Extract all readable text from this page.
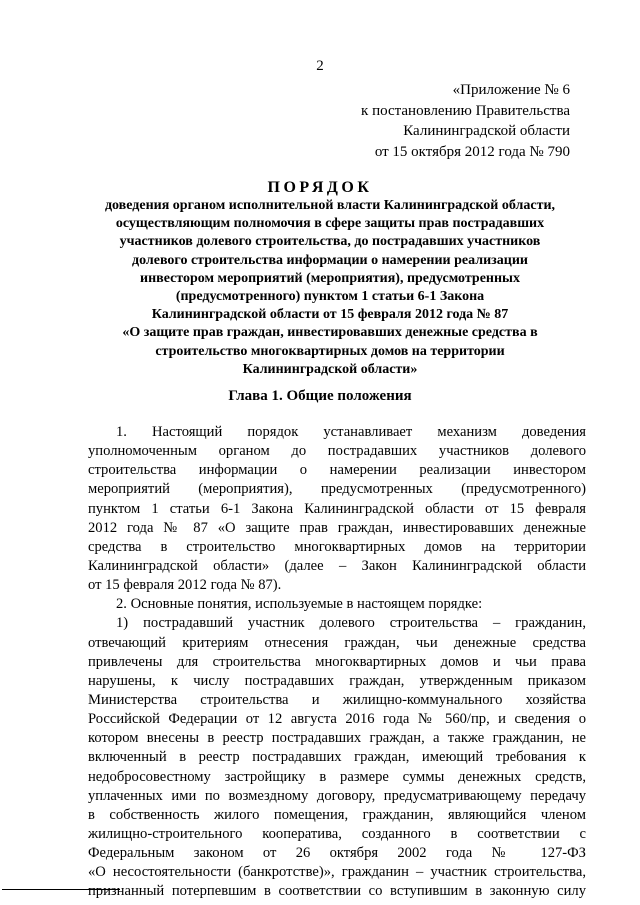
2
«Приложение № 6
к постановлению Правительства
Калининградской области
от 15 октября 2012 года № 790
ПОРЯДОК
доведения органом исполнительной власти Калининградской области,
осуществляющим полномочия в сфере защиты прав пострадавших
участников долевого строительства, до пострадавших участников
долевого строительства информации о намерении реализации
инвестором мероприятий (мероприятия), предусмотренных
(предусмотренного) пунктом 1 статьи 6-1 Закона
Калининградской области от 15 февраля 2012 года № 87
«О защите прав граждан, инвестировавших денежные средства в
строительство многоквартирных домов на территории
Калининградской области»
Глава 1. Общие положения
1. Настоящий порядок устанавливает механизм доведения
уполномоченным органом до пострадавших участников долевого
строительства информации о намерении реализации инвестором
мероприятий (мероприятия), предусмотренных (предусмотренного)
пунктом 1 статьи 6-1 Закона Калининградской области от 15 февраля
2012 года № 87 «О защите прав граждан, инвестировавших денежные
средства в строительство многоквартирных домов на территории
Калининградской области» (далее – Закон Калининградской области
от 15 февраля 2012 года № 87).
2. Основные понятия, используемые в настоящем порядке:
1) пострадавший участник долевого строительства – гражданин,
отвечающий критериям отнесения граждан, чьи денежные средства
привлечены для строительства многоквартирных домов и чьи права
нарушены, к числу пострадавших граждан, утвержденным приказом
Министерства строительства и жилищно-коммунального хозяйства
Российской Федерации от 12 августа 2016 года № 560/пр, и сведения о
котором внесены в реестр пострадавших граждан, а также гражданин, не
включенный в реестр пострадавших граждан, имеющий требования к
недобросовестному застройщику в размере суммы денежных средств,
уплаченных ими по возмездному договору, предусматривающему передачу
в собственность жилого помещения, гражданин, являющийся членом
жилищно-строительного кооператива, созданного в соответствии с
Федеральным законом от 26 октября 2002 года № 127-ФЗ
«О несостоятельности (банкротстве)», гражданин – участник строительства,
признанный потерпевшим в соответствии со вступившим в законную силу
